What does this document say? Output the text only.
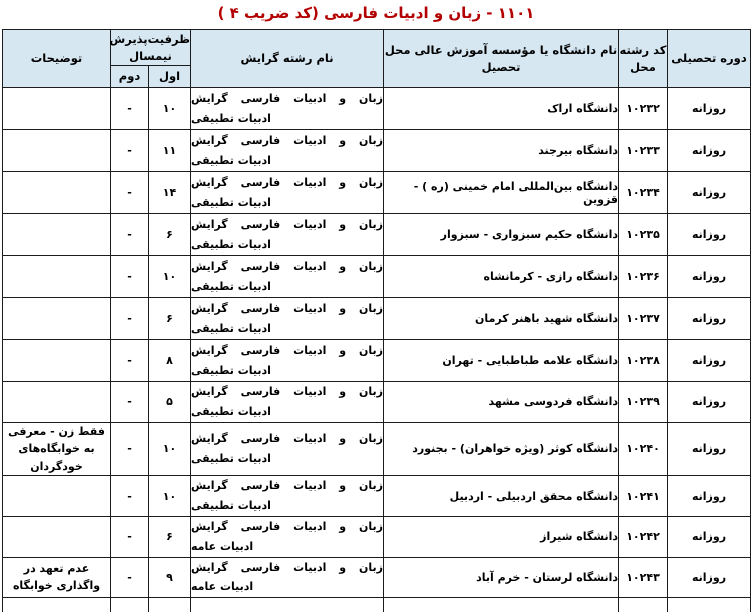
۱۱۰۱ - زبان و ادبیات فارسی (کد ضریب ۴ )
دوره تحصیلی	کد رشته محل	نام دانشگاه یا مؤسسه آموزش عالی محل تحصیل	نام رشته گرایش	ظرفیت‌پذیرش نیمسال		توضیحات
				اول	دوم	
روزانه	۱۰۲۳۲	دانشگاه اراک	زبان و ادبیات فارسی گرایش ادبیات تطبیقی	۱۰	-	
روزانه	۱۰۲۳۳	دانشگاه بیرجند	زبان و ادبیات فارسی گرایش ادبیات تطبیقی	۱۱	-	
روزانه	۱۰۲۳۴	دانشگاه بین‌المللی امام خمینی (ره ) - قزوین	زبان و ادبیات فارسی گرایش ادبیات تطبیقی	۱۴	-	
روزانه	۱۰۲۳۵	دانشگاه حکیم سبزواری - سبزوار	زبان و ادبیات فارسی گرایش ادبیات تطبیقی	۶	-	
روزانه	۱۰۲۳۶	دانشگاه رازی - کرمانشاه	زبان و ادبیات فارسی گرایش ادبیات تطبیقی	۱۰	-	
روزانه	۱۰۲۳۷	دانشگاه شهید باهنر کرمان	زبان و ادبیات فارسی گرایش ادبیات تطبیقی	۶	-	
روزانه	۱۰۲۳۸	دانشگاه علامه طباطبایی - تهران	زبان و ادبیات فارسی گرایش ادبیات تطبیقی	۸	-	
روزانه	۱۰۲۳۹	دانشگاه فردوسی مشهد	زبان و ادبیات فارسی گرایش ادبیات تطبیقی	۵	-	
روزانه	۱۰۲۴۰	دانشگاه کوثر (ویژه خواهران) - بجنورد	زبان و ادبیات فارسی گرایش ادبیات تطبیقی	۱۰	-	فقط زن - معرفی به خوابگاه‌های خودگردان
روزانه	۱۰۲۴۱	دانشگاه محقق اردبیلی - اردبیل	زبان و ادبیات فارسی گرایش ادبیات تطبیقی	۱۰	-	
روزانه	۱۰۲۴۲	دانشگاه شیراز	زبان و ادبیات فارسی گرایش ادبیات عامه	۶	-	
روزانه	۱۰۲۴۳	دانشگاه لرستان - خرم آباد	زبان و ادبیات فارسی گرایش ادبیات عامه	۹	-	عدم تعهد در واگذاری خوابگاه
